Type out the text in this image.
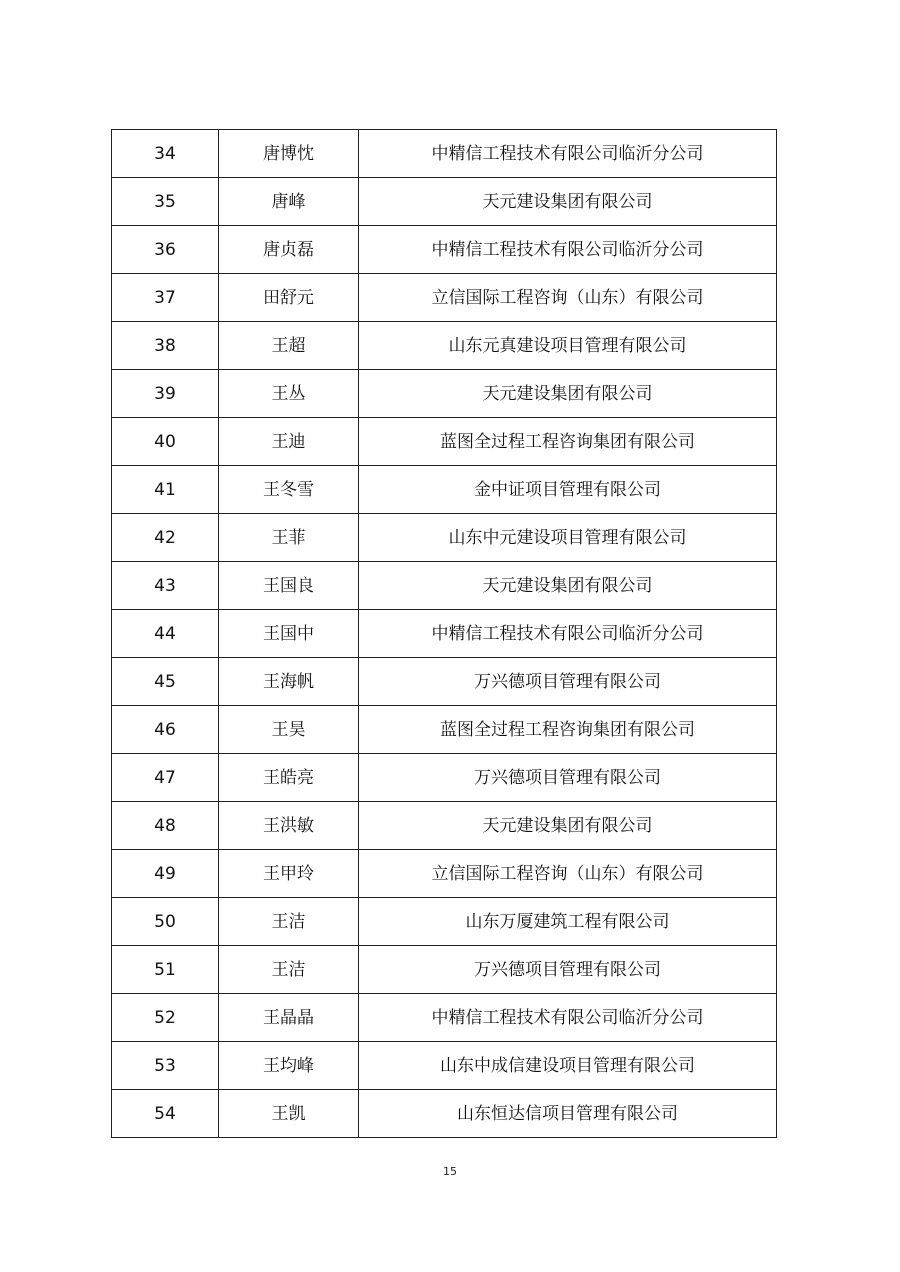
34	唐博忱	中精信工程技术有限公司临沂分公司
35	唐峰	天元建设集团有限公司
36	唐贞磊	中精信工程技术有限公司临沂分公司
37	田舒元	立信国际工程咨询（山东）有限公司
38	王超	山东元真建设项目管理有限公司
39	王丛	天元建设集团有限公司
40	王迪	蓝图全过程工程咨询集团有限公司
41	王冬雪	金中证项目管理有限公司
42	王菲	山东中元建设项目管理有限公司
43	王国良	天元建设集团有限公司
44	王国中	中精信工程技术有限公司临沂分公司
45	王海帆	万兴德项目管理有限公司
46	王昊	蓝图全过程工程咨询集团有限公司
47	王皓亮	万兴德项目管理有限公司
48	王洪敏	天元建设集团有限公司
49	王甲玲	立信国际工程咨询（山东）有限公司
50	王洁	山东万厦建筑工程有限公司
51	王洁	万兴德项目管理有限公司
52	王晶晶	中精信工程技术有限公司临沂分公司
53	王均峰	山东中成信建设项目管理有限公司
54	王凯	山东恒达信项目管理有限公司
15
